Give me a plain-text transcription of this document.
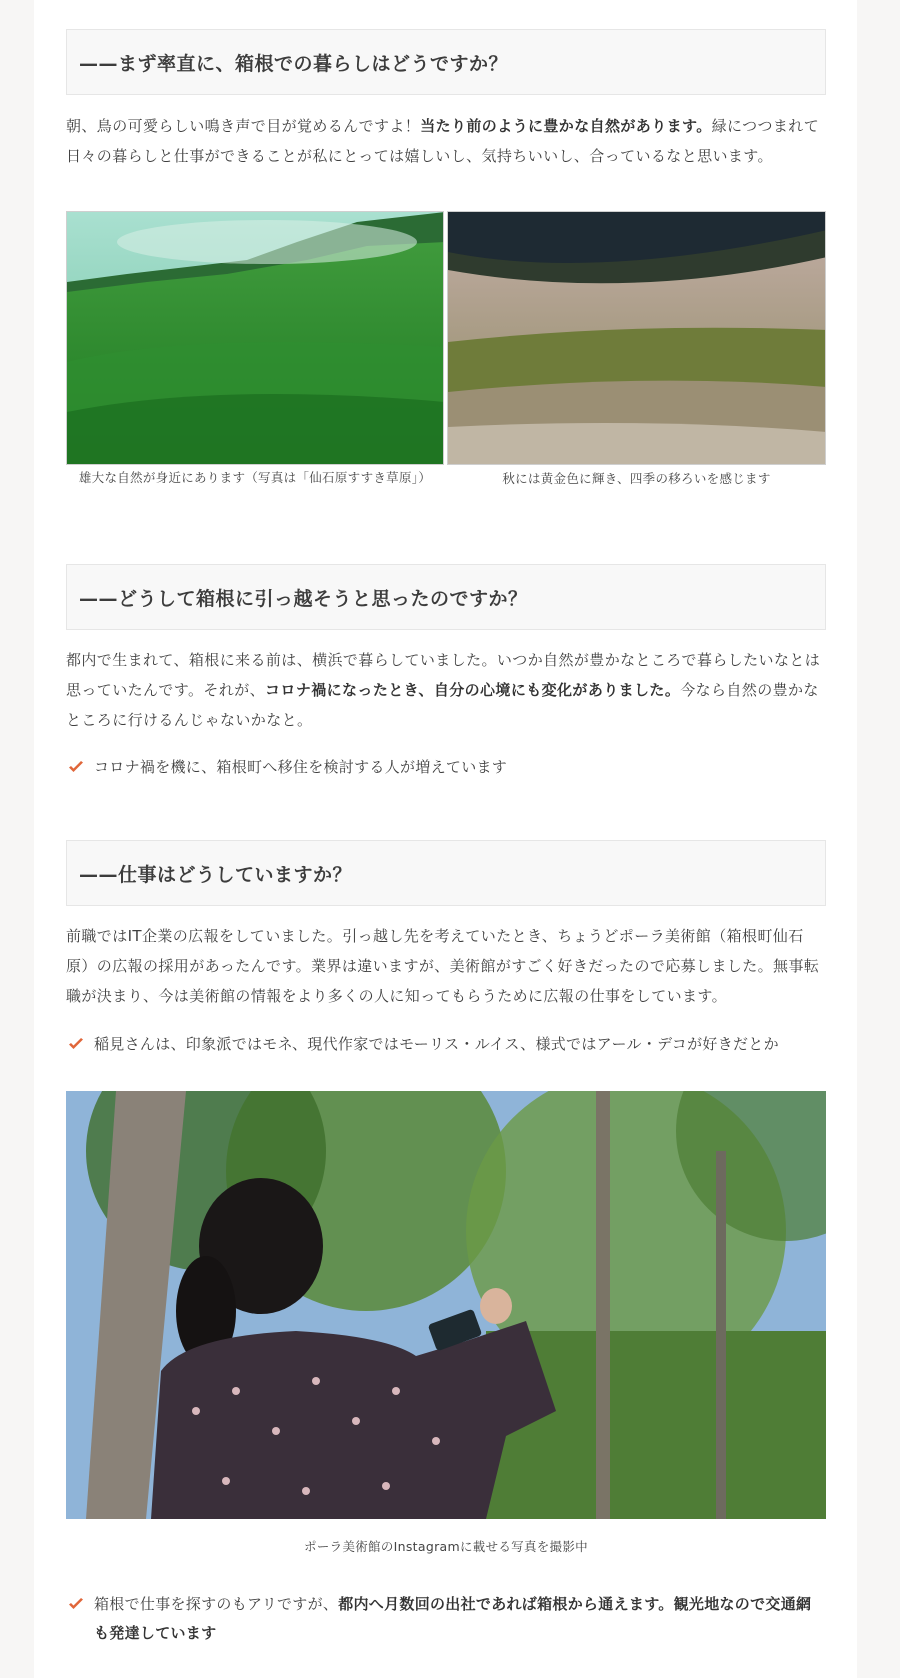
——まず率直に、箱根での暮らしはどうですか？

朝、鳥の可愛らしい鳴き声で目が覚めるんですよ！当たり前のように豊かな自然があります。緑につつまれて日々の暮らしと仕事ができることが私にとっては嬉しいし、気持ちいいし、合っているなと思います。

雄大な自然が身近にあります（写真は「仙石原すすき草原」）	秋には黄金色に輝き、四季の移ろいを感じます
——どうして箱根に引っ越そうと思ったのですか？

都内で生まれて、箱根に来る前は、横浜で暮らしていました。いつか自然が豊かなところで暮らしたいなとは思っていたんです。それが、コロナ禍になったとき、自分の心境にも変化がありました。今なら自然の豊かなところに行けるんじゃないかなと。

コロナ禍を機に、箱根町へ移住を検討する人が増えています
——仕事はどうしていますか？

前職ではIT企業の広報をしていました。引っ越し先を考えていたとき、ちょうどポーラ美術館（箱根町仙石原）の広報の採用があったんです。業界は違いますが、美術館がすごく好きだったので応募しました。無事転職が決まり、今は美術館の情報をより多くの人に知ってもらうために広報の仕事をしています。

稲見さんは、印象派ではモネ、現代作家ではモーリス・ルイス、様式ではアール・デコが好きだとか
ポーラ美術館のInstagramに載せる写真を撮影中
箱根で仕事を探すのもアリですが、都内へ月数回の出社であれば箱根から通えます。観光地なので交通網も発達しています
